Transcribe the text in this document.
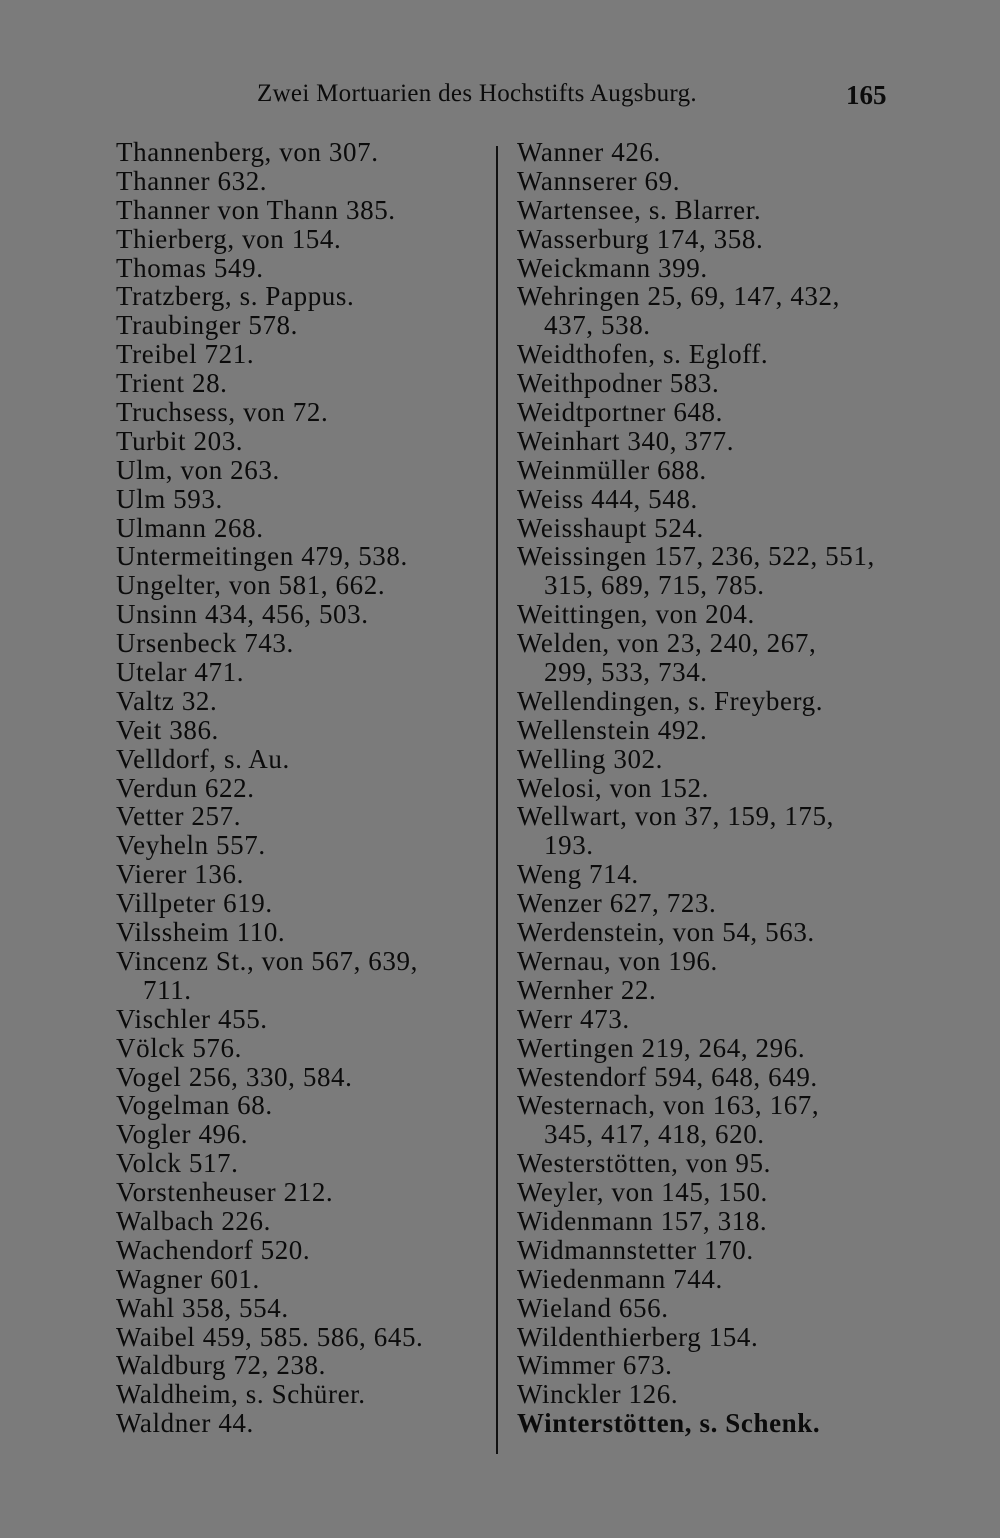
Zwei Mortuarien des Hochstifts Augsburg.	165
Thannenberg, von 307.
Thanner 632.
Thanner von Thann 385.
Thierberg, von 154.
Thomas 549.
Tratzberg, s. Pappus.
Traubinger 578.
Treibel 721.
Trient 28.
Truchsess, von 72.
Turbit 203.
Ulm, von 263.
Ulm 593.
Ulmann 268.
Untermeitingen 479, 538.
Ungelter, von 581, 662.
Unsinn 434, 456, 503.
Ursenbeck 743.
Utelar 471.
Valtz 32.
Veit 386.
Velldorf, s. Au.
Verdun 622.
Vetter 257.
Veyheln 557.
Vierer 136.
Villpeter 619.
Vilssheim 110.
Vincenz St., von 567, 639,
711.
Vischler 455.
Völck 576.
Vogel 256, 330, 584.
Vogelman 68.
Vogler 496.
Volck 517.
Vorstenheuser 212.
Walbach 226.
Wachendorf 520.
Wagner 601.
Wahl 358, 554.
Waibel 459, 585. 586, 645.
Waldburg 72, 238.
Waldheim, s. Schürer.
Waldner 44.
Wanner 426.
Wannserer 69.
Wartensee, s. Blarrer.
Wasserburg 174, 358.
Weickmann 399.
Wehringen 25, 69, 147, 432,
437, 538.
Weidthofen, s. Egloff.
Weithpodner 583.
Weidtportner 648.
Weinhart 340, 377.
Weinmüller 688.
Weiss 444, 548.
Weisshaupt 524.
Weissingen 157, 236, 522, 551,
315, 689, 715, 785.
Weittingen, von 204.
Welden, von 23, 240, 267,
299, 533, 734.
Wellendingen, s. Freyberg.
Wellenstein 492.
Welling 302.
Welosi, von 152.
Wellwart, von 37, 159, 175,
193.
Weng 714.
Wenzer 627, 723.
Werdenstein, von 54, 563.
Wernau, von 196.
Wernher 22.
Werr 473.
Wertingen 219, 264, 296.
Westendorf 594, 648, 649.
Westernach, von 163, 167,
345, 417, 418, 620.
Westerstötten, von 95.
Weyler, von 145, 150.
Widenmann 157, 318.
Widmannstetter 170.
Wiedenmann 744.
Wieland 656.
Wildenthierberg 154.
Wimmer 673.
Winckler 126.
Winterstötten, s. Schenk.
